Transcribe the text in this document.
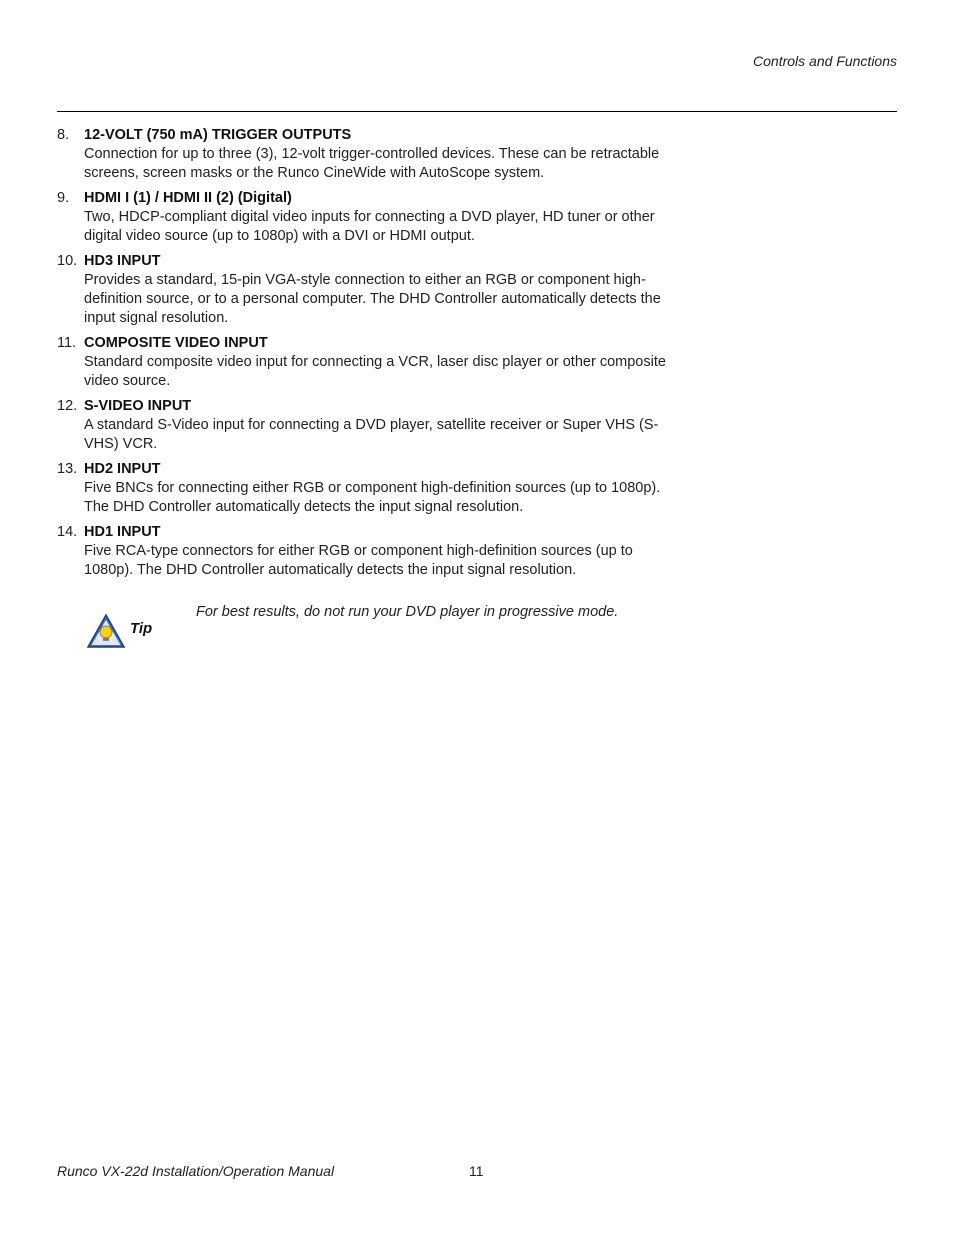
Controls and Functions
8.	12-VOLT (750 mA) TRIGGER OUTPUTS
Connection for up to three (3), 12-volt trigger-controlled devices. These can be retractable screens, screen masks or the Runco CineWide with AutoScope system.
9.	HDMI I (1) / HDMI II (2) (Digital)
Two, HDCP-compliant digital video inputs for connecting a DVD player, HD tuner or other digital video source (up to 1080p) with a DVI or HDMI output.
10. HD3 INPUT
Provides a standard, 15-pin VGA-style connection to either an RGB or component high-definition source, or to a personal computer. The DHD Controller automatically detects the input signal resolution.
11. COMPOSITE VIDEO INPUT
Standard composite video input for connecting a VCR, laser disc player or other composite video source.
12. S-VIDEO INPUT
A standard S-Video input for connecting a DVD player, satellite receiver or Super VHS (S-VHS) VCR.
13. HD2 INPUT
Five BNCs for connecting either RGB or component high-definition sources (up to 1080p). The DHD Controller automatically detects the input signal resolution.
14. HD1 INPUT
Five RCA-type connectors for either RGB or component high-definition sources (up to 1080p). The DHD Controller automatically detects the input signal resolution.
Tip
For best results, do not run your DVD player in progressive mode.
Runco VX-22d Installation/Operation Manual	11
